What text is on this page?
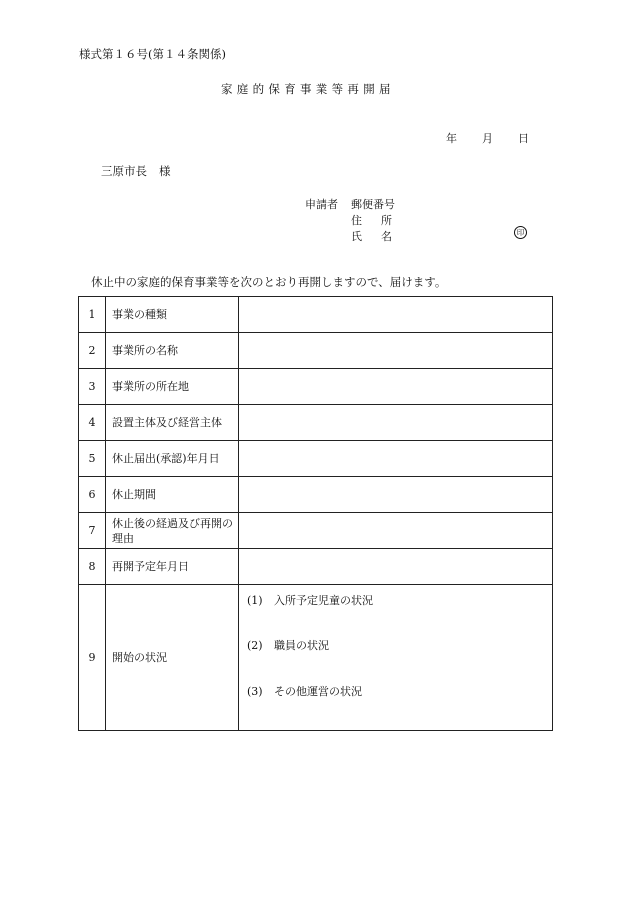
様式第１６号(第１４条関係)
家庭的保育事業等再開届
年 月 日
三原市長 様
申請者 郵便番号
住 所
氏 名	印
休止中の家庭的保育事業等を次のとおり再開しますので、届けます。
1	事業の種類	
2	事業所の名称	
3	事業所の所在地	
4	設置主体及び経営主体	
5	休止届出(承認)年月日	
6	休止期間	
7	休止後の経過及び再開の理由	
8	再開予定年月日	
9	開始の状況	(1) 入所予定児童の状況
(2) 職員の状況
(3) その他運営の状況
